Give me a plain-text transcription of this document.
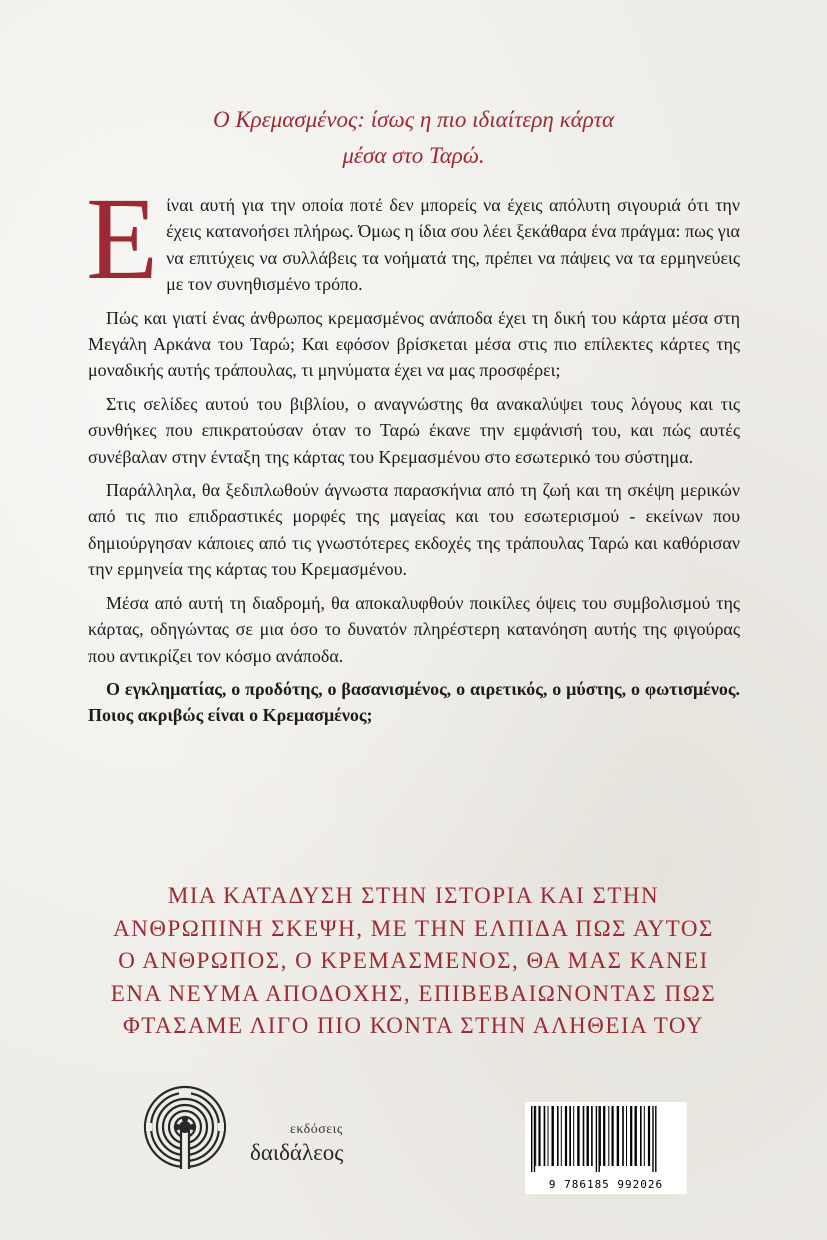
Ο Κρεμασμένος: ίσως η πιο ιδιαίτερη κάρτα
μέσα στο Ταρώ.

Είναι αυτή για την οποία ποτέ δεν μπορείς να έχεις απόλυτη σιγουριά ότι την έχεις κατανοήσει πλήρως. Όμως η ίδια σου λέει ξεκάθαρα ένα πράγμα: πως για να επιτύχεις να συλλάβεις τα νοήματά της, πρέπει να πάψεις να τα ερμηνεύεις με τον συνηθισμένο τρόπο.

Πώς και γιατί ένας άνθρωπος κρεμασμένος ανάποδα έχει τη δική του κάρτα μέσα στη Μεγάλη Αρκάνα του Ταρώ; Και εφόσον βρίσκεται μέσα στις πιο επίλεκτες κάρτες της μοναδικής αυτής τράπουλας, τι μηνύματα έχει να μας προσφέρει;

Στις σελίδες αυτού του βιβλίου, ο αναγνώστης θα ανακαλύψει τους λόγους και τις συνθήκες που επικρατούσαν όταν το Ταρώ έκανε την εμφάνισή του, και πώς αυτές συνέβαλαν στην ένταξη της κάρτας του Κρεμασμένου στο εσωτερικό του σύστημα.

Παράλληλα, θα ξεδιπλωθούν άγνωστα παρασκήνια από τη ζωή και τη σκέψη μερικών από τις πιο επιδραστικές μορφές της μαγείας και του εσωτερισμού - εκείνων που δημιούργησαν κάποιες από τις γνωστότερες εκδοχές της τράπουλας Ταρώ και καθόρισαν την ερμηνεία της κάρτας του Κρεμασμένου.

Μέσα από αυτή τη διαδρομή, θα αποκαλυφθούν ποικίλες όψεις του συμβολισμού της κάρτας, οδηγώντας σε μια όσο το δυνατόν πληρέστερη κατανόηση αυτής της φιγούρας που αντικρίζει τον κόσμο ανάποδα.

Ο εγκληματίας, ο προδότης, ο βασανισμένος, ο αιρετικός, ο μύστης, ο φωτισμένος. Ποιος ακριβώς είναι ο Κρεμασμένος;

ΜΙΑ ΚΑΤΑΔΥΣΗ ΣΤΗΝ ΙΣΤΟΡΙΑ ΚΑΙ ΣΤΗΝ
ΑΝΘΡΩΠΙΝΗ ΣΚΕΨΗ, ΜΕ ΤΗΝ ΕΛΠΙΔΑ ΠΩΣ ΑΥΤΟΣ
Ο ΑΝΘΡΩΠΟΣ, Ο ΚΡΕΜΑΣΜΕΝΟΣ, ΘΑ ΜΑΣ ΚΑΝΕΙ
ΕΝΑ ΝΕΥΜΑ ΑΠΟΔΟΧΗΣ, ΕΠΙΒΕΒΑΙΩΝΟΝΤΑΣ ΠΩΣ
ΦΤΑΣΑΜΕ ΛΙΓΟ ΠΙΟ ΚΟΝΤΑ ΣΤΗΝ ΑΛΗΘΕΙΑ ΤΟΥ
εκδόσεις
δαιδάλεος
9 786185 992026
